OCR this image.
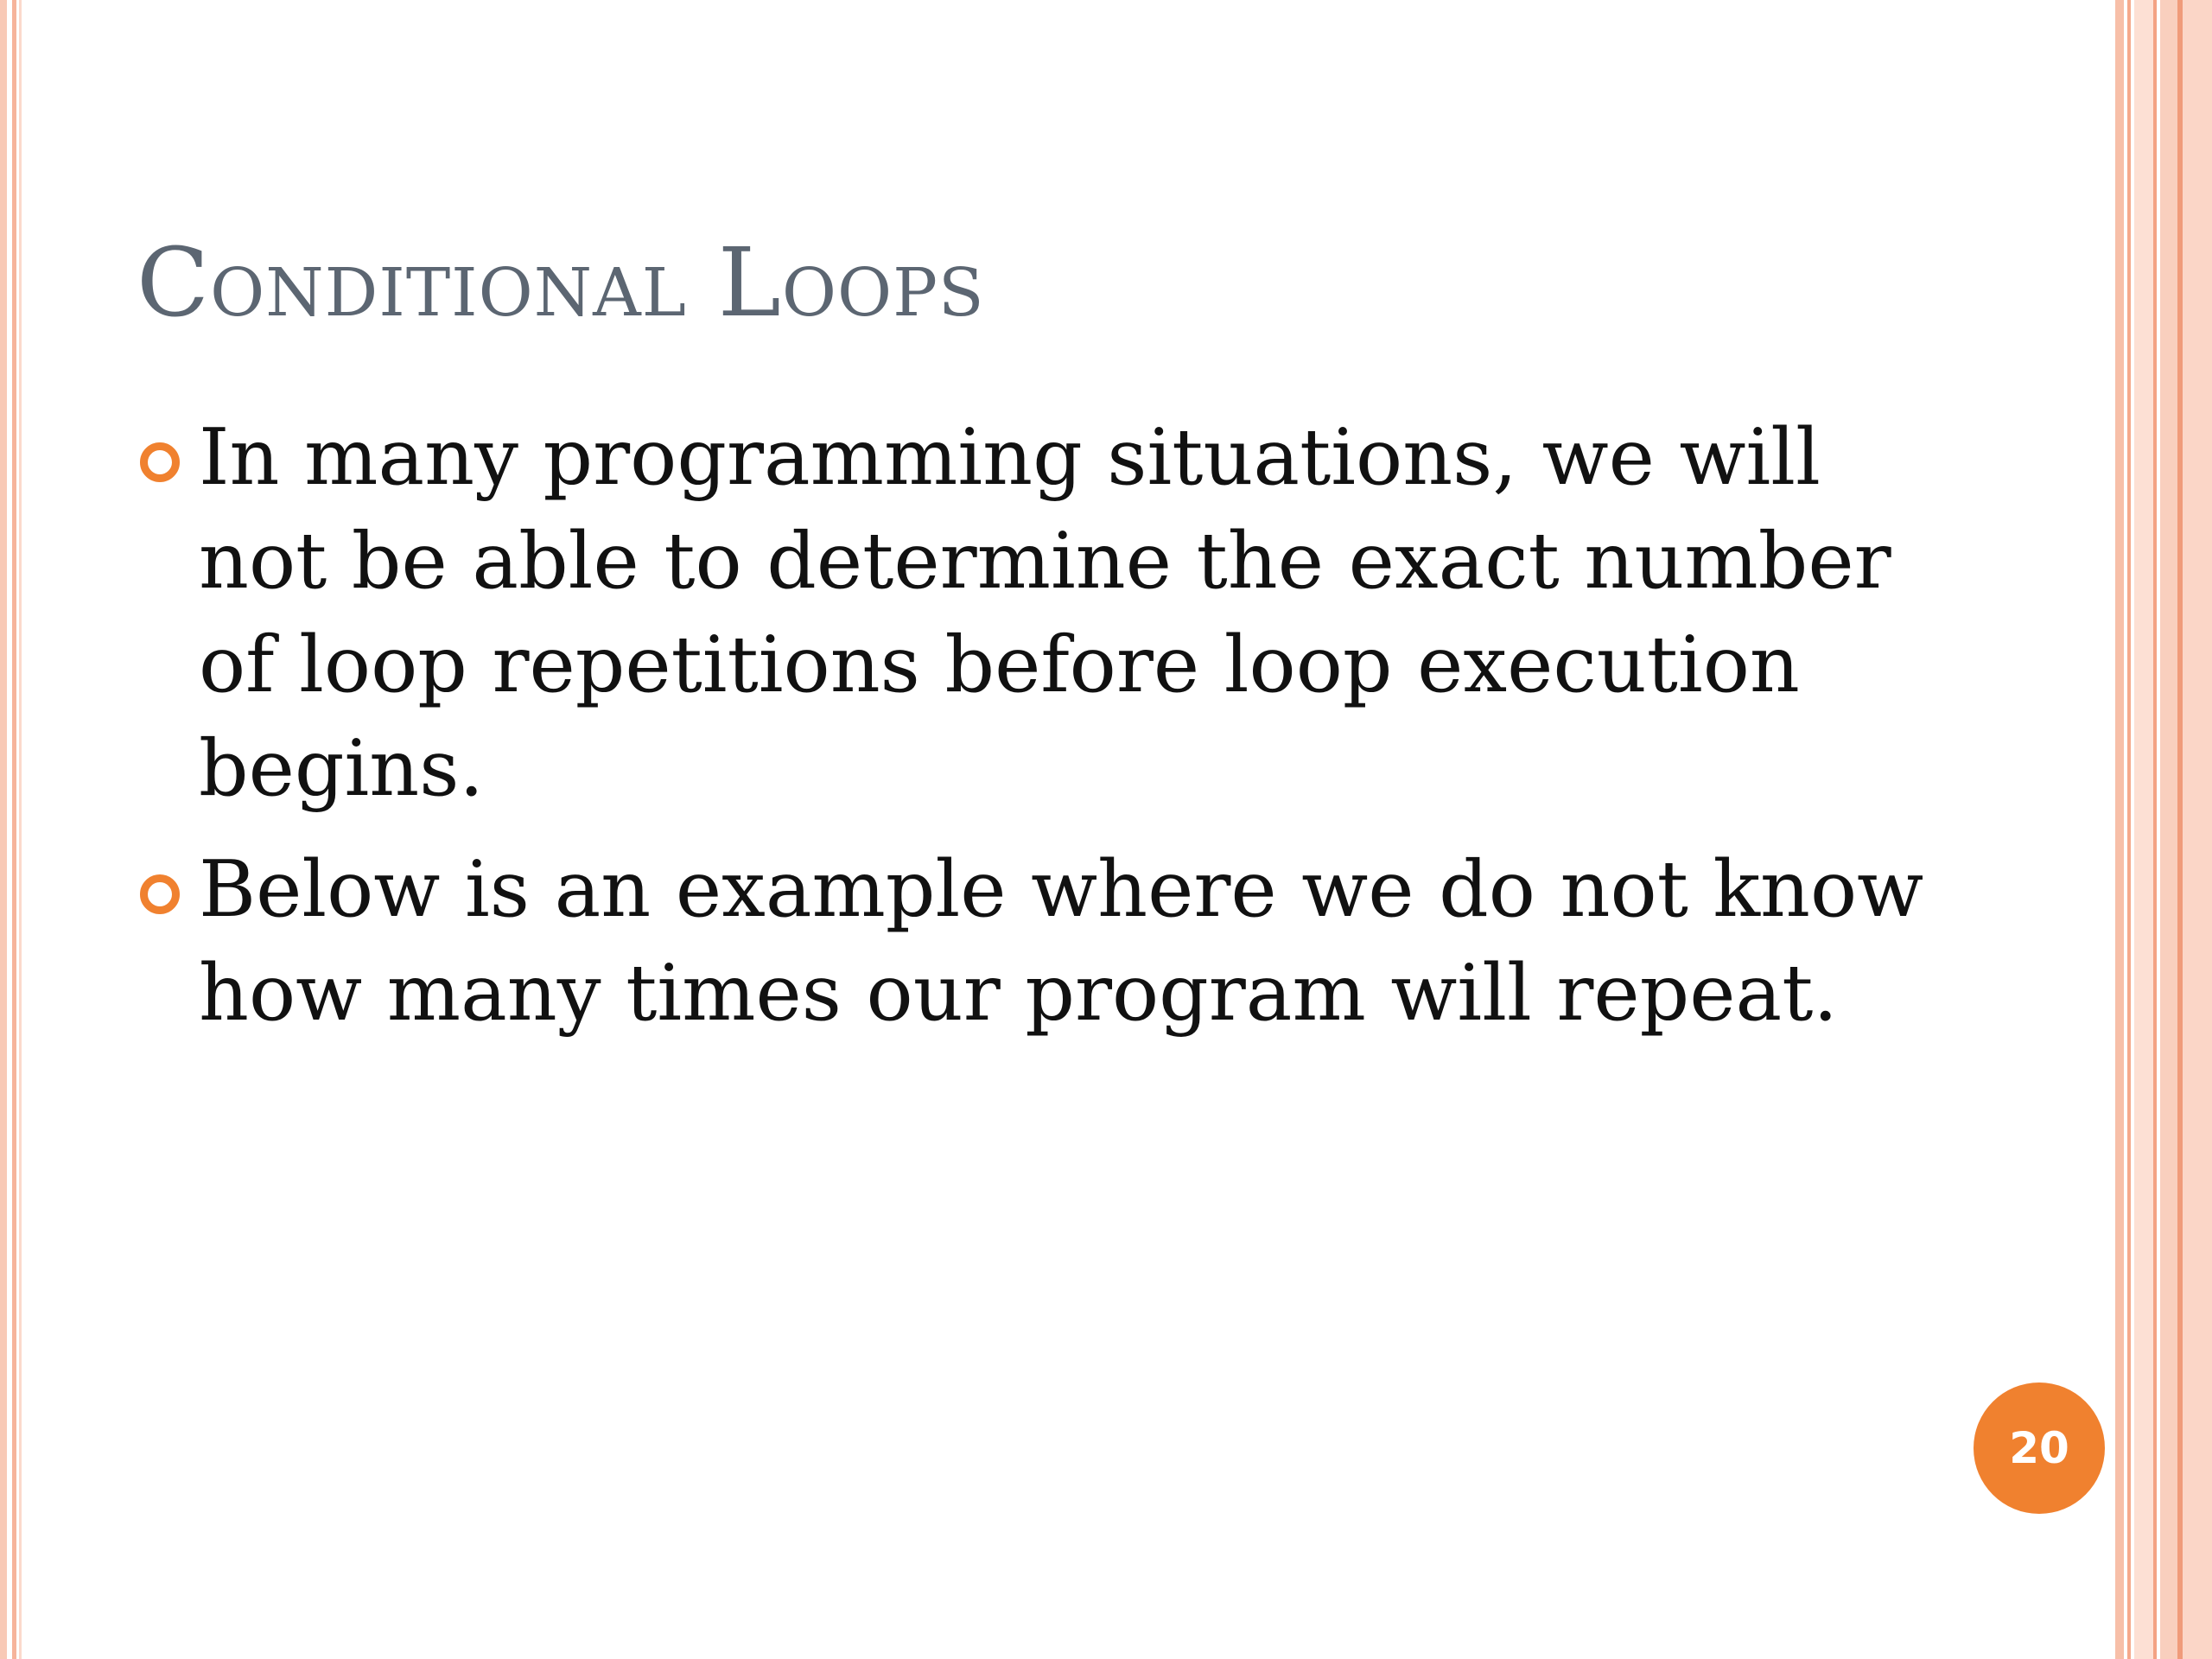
Conditional Loops
In many programming situations, we will not be able to determine the exact number of loop repetitions before loop execution begins.
Below is an example where we do not know how many times our program will repeat.
20
